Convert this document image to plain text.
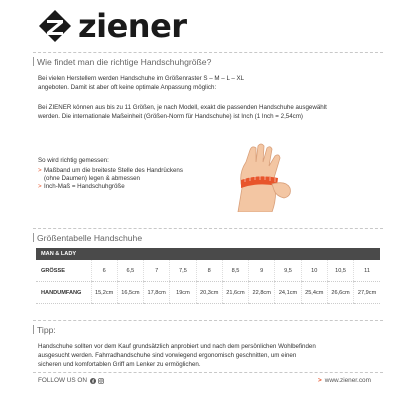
ziener
Wie findet man die richtige Handschuhgröße?
Bei vielen Herstellern werden Handschuhe im Größenraster S – M – L – XL
angeboten. Damit ist aber oft keine optimale Anpassung möglich:
Bei ZIENER können aus bis zu 11 Größen, je nach Modell, exakt die passenden Handschuhe ausgewählt
werden. Die internationale Maßeinheit (Größen-Norm für Handschuhe) ist Inch (1 Inch = 2,54cm)
So wird richtig gemessen:
> Maßband um die breiteste Stelle des Handrückens
(ohne Daumen) legen & abmessen
> Inch-Maß = Handschuhgröße
Größentabelle Handschuhe
MAN & LADY											
GRÖSSE	6	6,5	7	7,5	8	8,5	9	9,5	10	10,5	11
HANDUMFANG	15,2cm	16,5cm	17,8cm	19cm	20,3cm	21,6cm	22,8cm	24,1cm	25,4cm	26,6cm	27,9cm
Tipp:
Handschuhe sollten vor dem Kauf grundsätzlich anprobiert und nach dem persönlichen Wohlbefinden
ausgesucht werden. Fahrradhandschuhe sind vorwiegend ergonomisch geschnitten, um einen
sicheren und komfortablen Griff am Lenker zu ermöglichen.
FOLLOW US ON	> www.ziener.com
